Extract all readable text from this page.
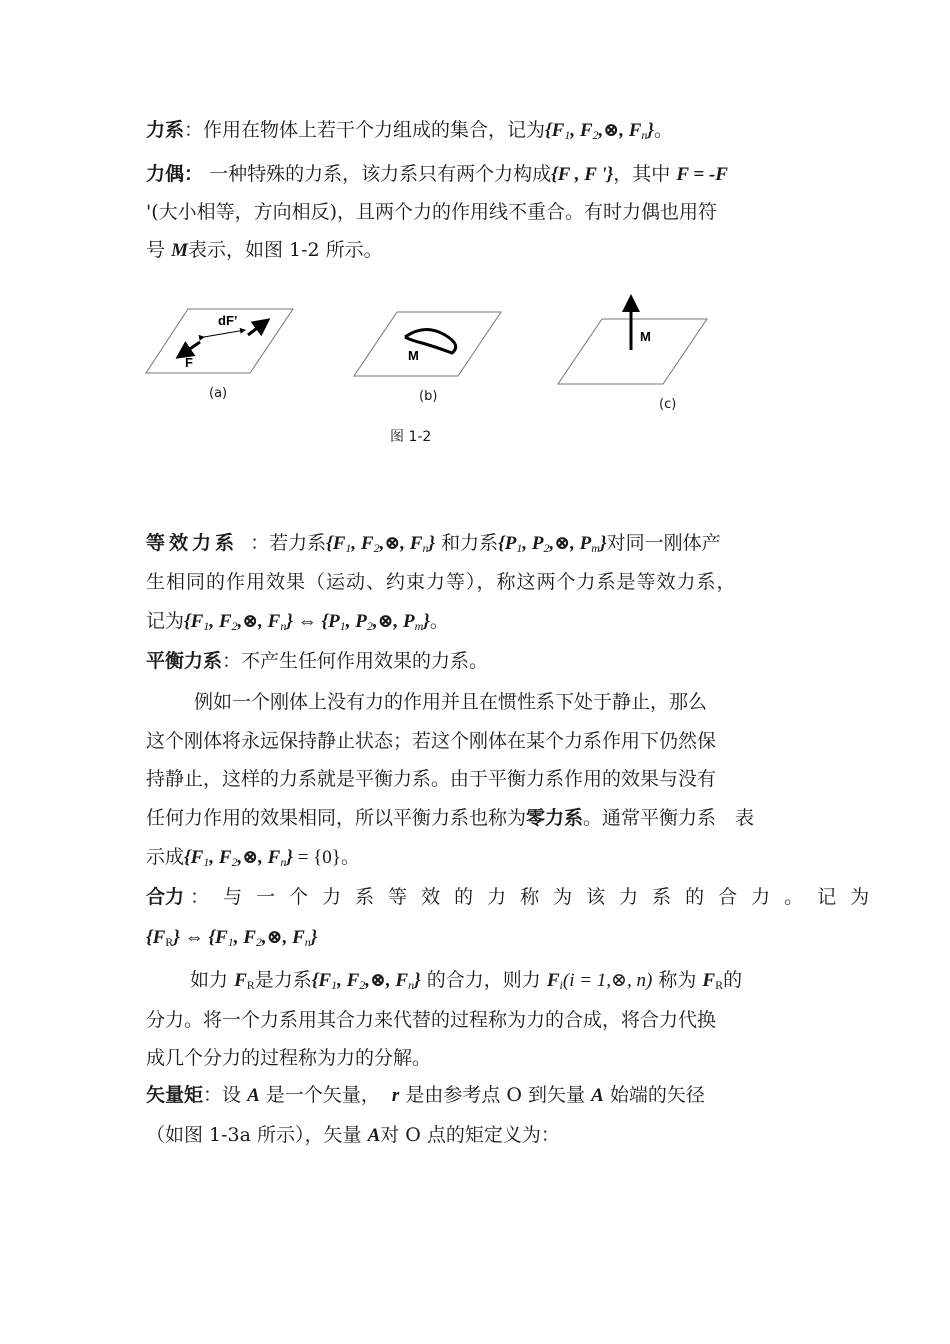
力系：作用在物体上若干个力组成的集合，记为{$F_1$, $F_2,\otimes$, $F_n$}。
力偶： 一种特殊的力系，该力系只有两个力构成{F , F '}，其中 F = -F
'(大小相等，方向相反)，且两个力的作用线不重合。有时力偶也用符
号 M表示，如图 1-2 所示。
dF’
F	M
M
(a)	(b)
(c)
图 1-2
等效力系 ：若力系{$F_1$, $F_2,\otimes$, $F_n$} 和力系{$P_1$, $P_2,\otimes$, $P_m$}对同一刚体产
生相同的作用效果（运动、约束力等），称这两个力系是等效力系，
记为{$F_1$, $F_2,\otimes$, $F_n$} ⇔ {$P_1$, $P_2,\otimes$, $P_m$}。
平衡力系：不产生任何作用效果的力系。
例如一个刚体上没有力的作用并且在惯性系下处于静止，那么
这个刚体将永远保持静止状态；若这个刚体在某个力系作用下仍然保
持静止，这样的力系就是平衡力系。由于平衡力系作用的效果与没有
任何力作用的效果相同，所以平衡力系也称为零力系。通常平衡力系　表
示成{$F_1$, $F_2,\otimes$, $F_n\} = \{0\}$。
合力 ：与一个力系等效的力称为该力系的合力。记为
$\{F_R\}$ ⇔ {$F_1$, $F_2,\otimes$, $F_n$}
如力 $F_R$是力系{$F_1$, $F_2,\otimes$, $F_n$} 的合力，则力 $F_i(i$ = 1,⊗, n) 称为 $F_R$的
分力。将一个力系用其合力来代替的过程称为力的合成，将合力代换
成几个分力的过程称为力的分解。
矢量矩：设 A 是一个矢量， r 是由参考点 O 到矢量 A 始端的矢径
（如图 1-3a 所示），矢量 A对 O 点的矩定义为：
